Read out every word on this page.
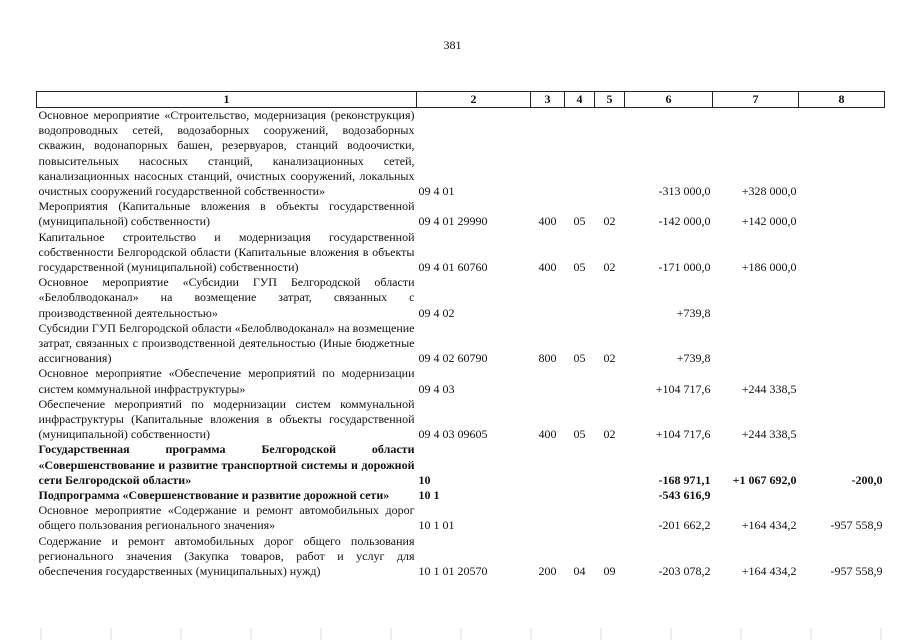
381
1	2	3	4	5	6	7	8
Основное мероприятие «Строительство, модернизация (реконструкция) водопроводных сетей, водозаборных сооружений, водозаборных скважин, водонапорных башен, резервуаров, станций водоочистки, повысительных насосных станций, канализационных сетей, канализационных насосных станций, очистных сооружений, локальных очистных сооружений государственной собственности»	09 4 01				-313 000,0	+328 000,0	
Мероприятия (Капитальные вложения в объекты государственной (муниципальной) собственности)	09 4 01 29990	400	05	02	-142 000,0	+142 000,0	
Капитальное строительство и модернизация государственной собственности Белгородской области (Капитальные вложения в объекты государственной (муниципальной) собственности)	09 4 01 60760	400	05	02	-171 000,0	+186 000,0	
Основное мероприятие «Субсидии ГУП Белгородской области «Белоблводоканал» на возмещение затрат, связанных с производственной деятельностью»	09 4 02				+739,8		
Субсидии ГУП Белгородской области «Белоблводоканал» на возмещение затрат, связанных с производственной деятельностью (Иные бюджетные ассигнования)	09 4 02 60790	800	05	02	+739,8		
Основное мероприятие «Обеспечение мероприятий по модернизации систем коммунальной инфраструктуры»	09 4 03				+104 717,6	+244 338,5	
Обеспечение мероприятий по модернизации систем коммунальной инфраструктуры (Капитальные вложения в объекты государственной (муниципальной) собственности)	09 4 03 09605	400	05	02	+104 717,6	+244 338,5	
Государственная программа Белгородской области «Совершенствование и развитие транспортной системы и дорожной сети Белгородской области»	10				-168 971,1	+1 067 692,0	-200,0
Подпрограмма «Совершенствование и развитие дорожной сети»	10 1				-543 616,9		
Основное мероприятие «Содержание и ремонт автомобильных дорог общего пользования регионального значения»	10 1 01				-201 662,2	+164 434,2	-957 558,9
Содержание и ремонт автомобильных дорог общего пользования регионального значения (Закупка товаров, работ и услуг для обеспечения государственных (муниципальных) нужд)	10 1 01 20570	200	04	09	-203 078,2	+164 434,2	-957 558,9
